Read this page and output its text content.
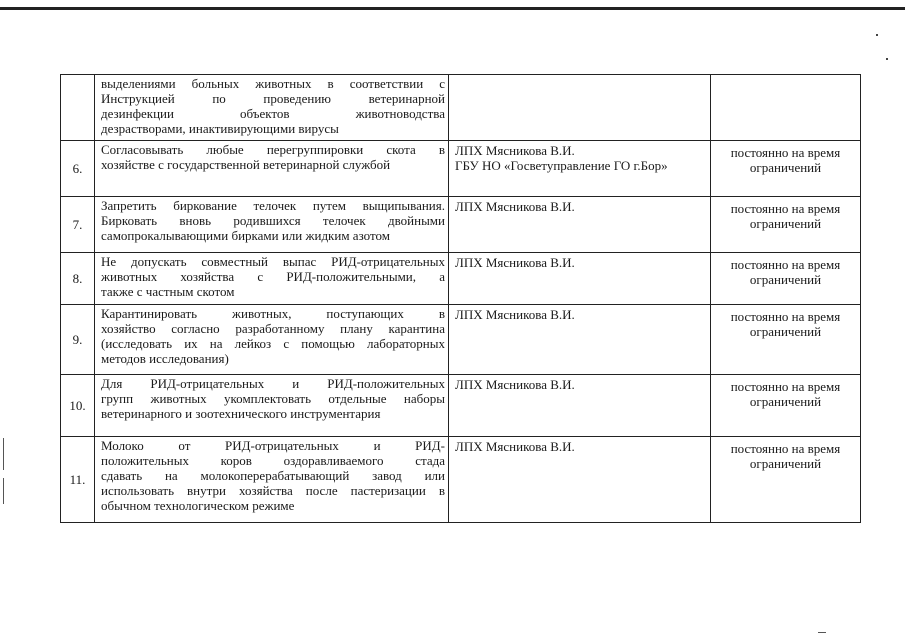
	выделениями больных животных в соответствии с
Инструкцией по проведению ветеринарной
дезинфекции объектов животноводства
дезрастворами, инактивирующими вирусы		

6.	Согласовывать любые перегруппировки скота в
хозяйстве с государственной ветеринарной службой	ЛПХ Мясникова В.И.
ГБУ НО «Госветуправление ГО г.Бор»	постоянно на время
ограничений

7.	Запретить биркование телочек путем выщипывания.
Бирковать вновь родившихся телочек двойными
самопрокалывающими бирками или жидким азотом	ЛПХ Мясникова В.И.	постоянно на время
ограничений

8.	Не допускать совместный выпас РИД-отрицательных
животных хозяйства с РИД-положительными, а
также с частным скотом	ЛПХ Мясникова В.И.	постоянно на время
ограничений

9.	Карантинировать животных, поступающих в
хозяйство согласно разработанному плану карантина
(исследовать их на лейкоз с помощью лабораторных
методов исследования)	ЛПХ Мясникова В.И.	постоянно на время
ограничений

10.	Для РИД-отрицательных и РИД-положительных
групп животных укомплектовать отдельные наборы
ветеринарного и зоотехнического инструментария	ЛПХ Мясникова В.И.	постоянно на время
ограничений

11.	Молоко от РИД-отрицательных и РИД-
положительных коров оздоравливаемого стада
сдавать на молокоперерабатывающий завод или
использовать внутри хозяйства после пастеризации в
обычном технологическом режиме	ЛПХ Мясникова В.И.	постоянно на время
ограничений
